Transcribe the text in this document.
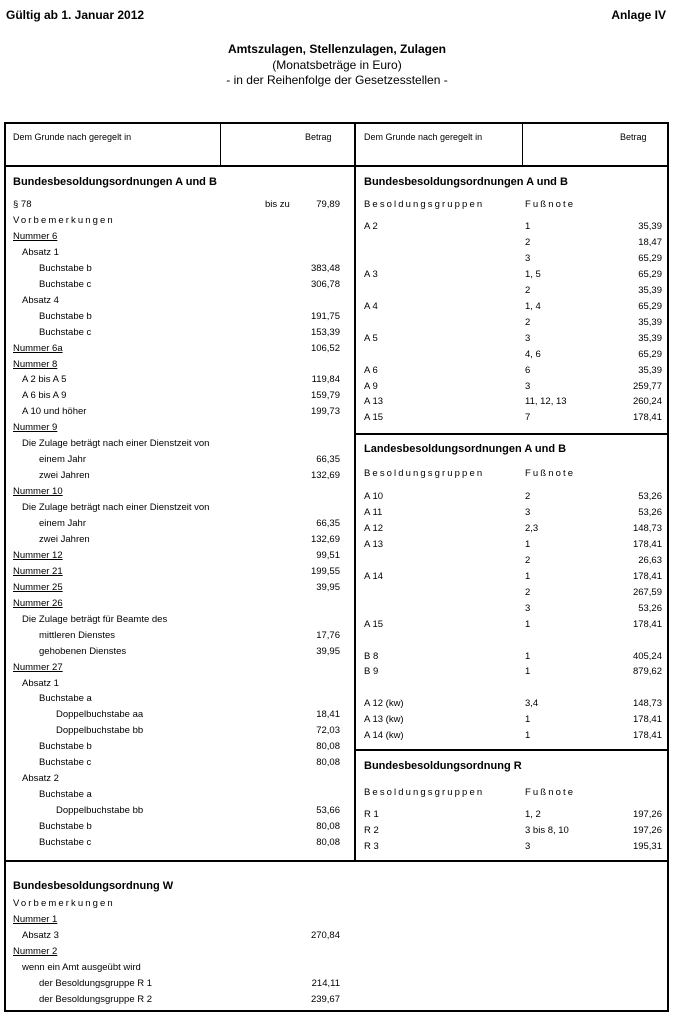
Gültig ab 1. Januar 2012	Anlage IV
Amtszulagen, Stellenzulagen, Zulagen
(Monatsbeträge in Euro)
- in der Reihenfolge der Gesetzesstellen -
Dem Grunde nach geregelt in	Betrag	Dem Grunde nach geregelt in	Betrag
Bundesbesoldungsordnungen A und B	Bundesbesoldungsordnungen A und B
Landesbesoldungsordnungen A und B
Bundesbesoldungsordnung R
Bundesbesoldungsordnung W
Besoldungsgruppen	Fußnote
Besoldungsgruppen	Fußnote
Besoldungsgruppen	Fußnote
§ 78	bis zu	79,89
Vorbemerkungen
Nummer 6
Absatz 1
Buchstabe b	383,48
Buchstabe c	306,78
Absatz 4
Buchstabe b	191,75
Buchstabe c	153,39
Nummer 6a	106,52
Nummer 8
A 2 bis A 5	119,84
A 6 bis A 9	159,79
A 10 und höher	199,73
Nummer 9
Die Zulage beträgt nach einer Dienstzeit von
einem Jahr	66,35
zwei Jahren	132,69
Nummer 10
Die Zulage beträgt nach einer Dienstzeit von
einem Jahr	66,35
zwei Jahren	132,69
Nummer 12	99,51
Nummer 21	199,55
Nummer 25	39,95
Nummer 26
Die Zulage beträgt für Beamte des
mittleren Dienstes	17,76
gehobenen Dienstes	39,95
Nummer 27
Absatz 1
Buchstabe a
Doppelbuchstabe aa	18,41
Doppelbuchstabe bb	72,03
Buchstabe b	80,08
Buchstabe c	80,08
Absatz 2
Buchstabe a
Doppelbuchstabe bb	53,66
Buchstabe b	80,08
Buchstabe c	80,08
A 2	1	35,39
2	18,47
3	65,29
A 3	1, 5	65,29
2	35,39
A 4	1, 4	65,29
2	35,39
A 5	3	35,39
4, 6	65,29
A 6	6	35,39
A 9	3	259,77
A 13	11, 12, 13	260,24
A 15	7	178,41
A 10	2	53,26
A 11	3	53,26
A 12	2,3	148,73
A 13	1	178,41
2	26,63
A 14	1	178,41
2	267,59
3	53,26
A 15	1	178,41
B 8	1	405,24
B 9	1	879,62
A 12 (kw)	3,4	148,73
A 13 (kw)	1	178,41
A 14 (kw)	1	178,41
R 1	1, 2	197,26
R 2	3 bis 8, 10	197,26
R 3	3	195,31
Vorbemerkungen
Nummer 1
Absatz 3	270,84
Nummer 2
wenn ein Amt ausgeübt wird
der Besoldungsgruppe R 1	214,11
der Besoldungsgruppe R 2	239,67
